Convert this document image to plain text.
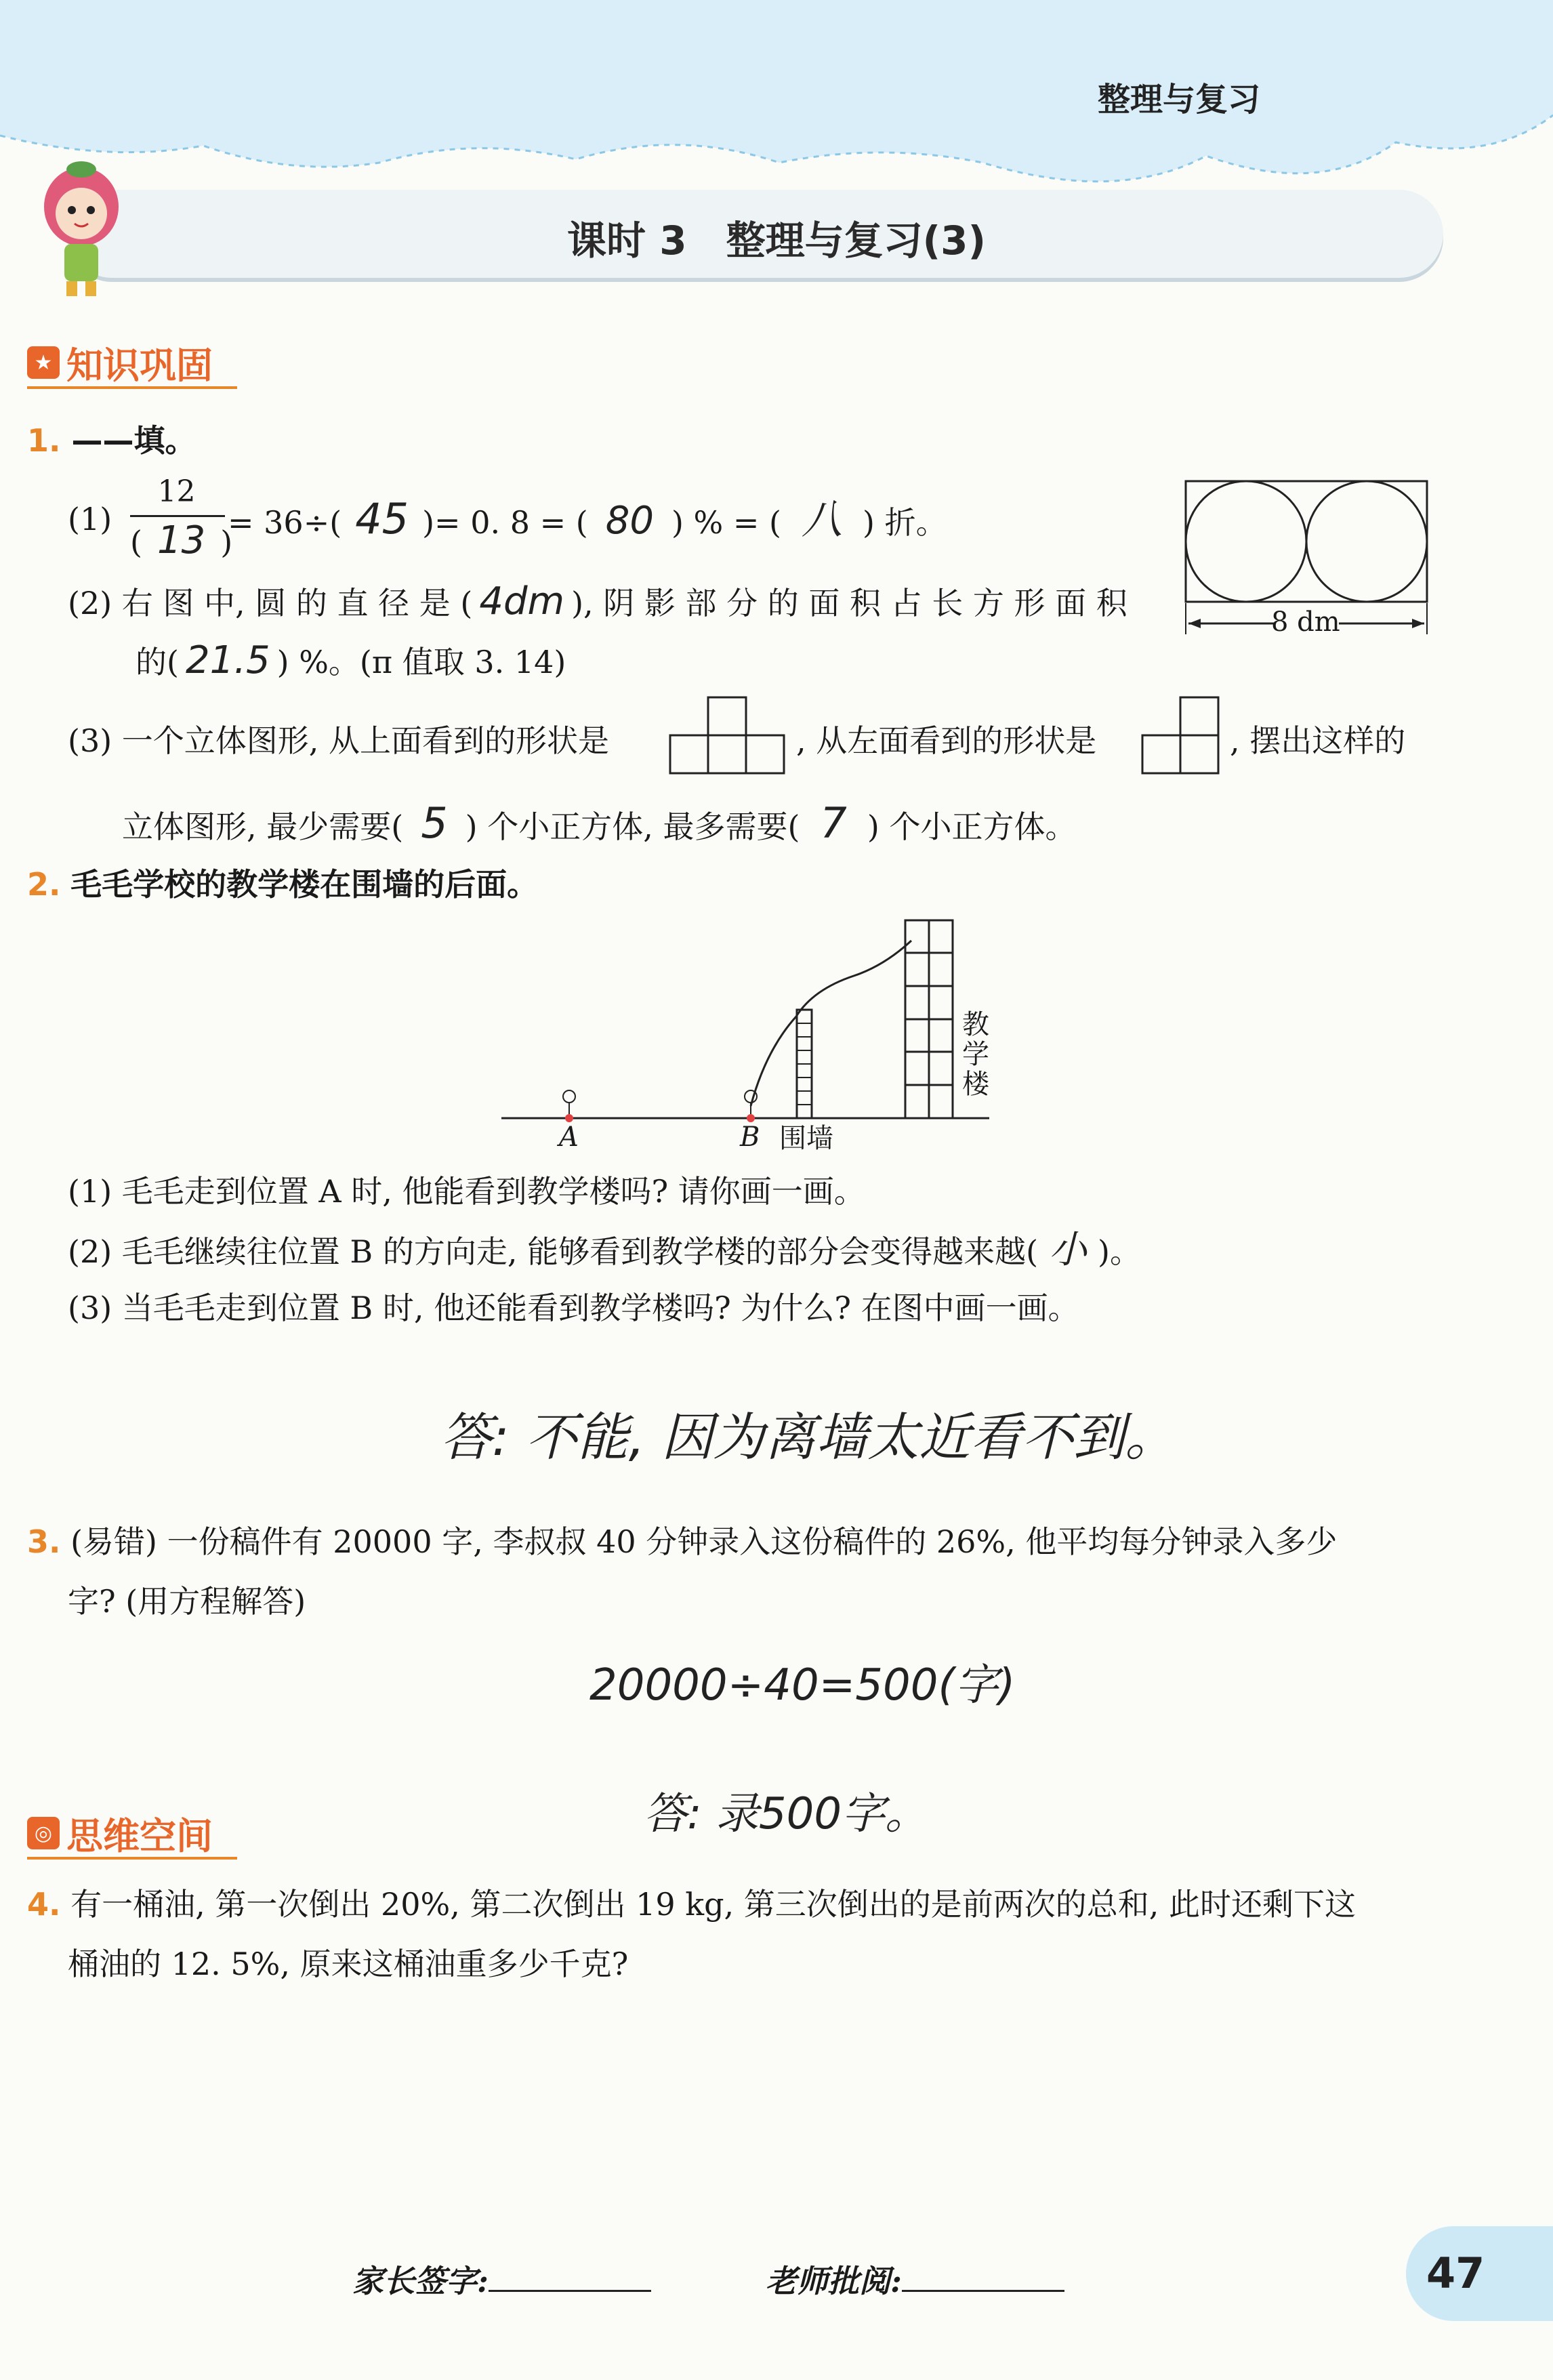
整理与复习
课时 3　整理与复习(3)
★ 知识巩固
1. ——填。
(1)
12
( 13 )
= 36÷( 45 )= 0. 8 = ( 80 ) % = ( 八 ) 折。
8 dm
(2) 右 图 中, 圆 的 直 径 是 ( 4dm ), 阴 影 部 分 的 面 积 占 长 方 形 面 积
的( 21.5 ) %。(π 值取 3. 14)
(3) 一个立体图形, 从上面看到的形状是	, 从左面看到的形状是	, 摆出这样的
立体图形, 最少需要( 5 ) 个小正方体, 最多需要( 7 ) 个小正方体。
2. 毛毛学校的教学楼在围墙的后面。
A	B 围墙
教学楼
(1) 毛毛走到位置 A 时, 他能看到教学楼吗? 请你画一画。
(2) 毛毛继续往位置 B 的方向走, 能够看到教学楼的部分会变得越来越( 小 )。
(3) 当毛毛走到位置 B 时, 他还能看到教学楼吗? 为什么? 在图中画一画。
答: 不能, 因为离墙太近看不到。
3. (易错) 一份稿件有 20000 字, 李叔叔 40 分钟录入这份稿件的 26%, 他平均每分钟录入多少
字? (用方程解答)
20000÷40=500(字)
答: 录500字。
◎ 思维空间
4. 有一桶油, 第一次倒出 20%, 第二次倒出 19 kg, 第三次倒出的是前两次的总和, 此时还剩下这
桶油的 12. 5%, 原来这桶油重多少千克?
家长签字:	老师批阅:	47
